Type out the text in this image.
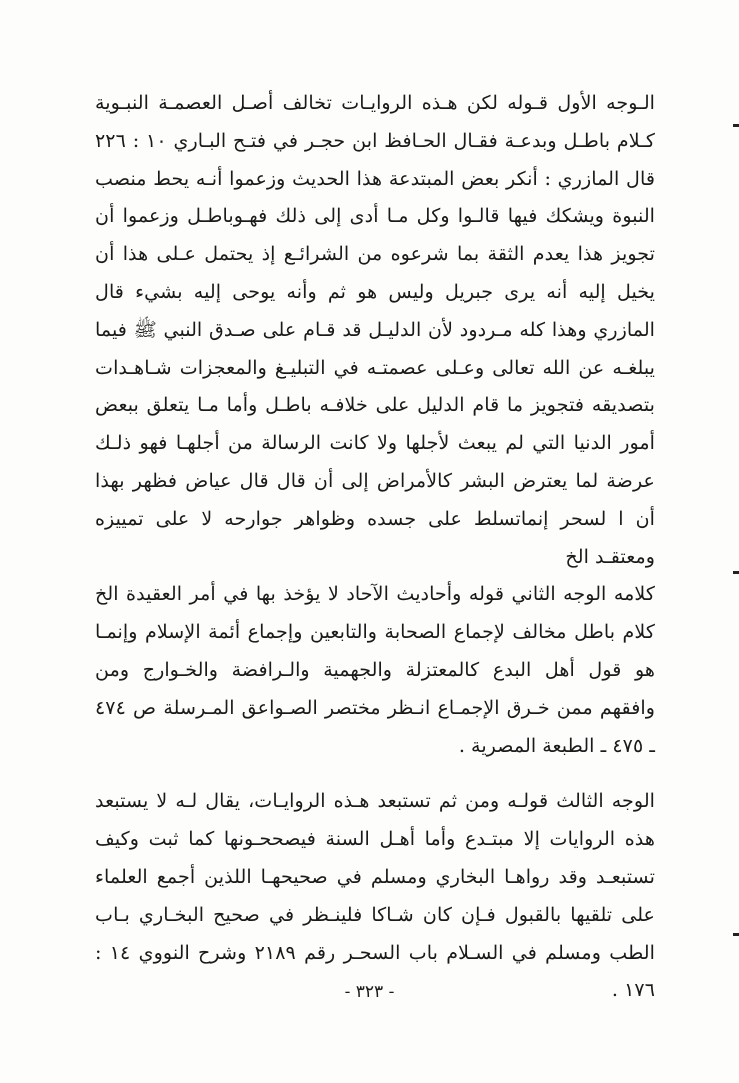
الـوجه الأول قـوله لكن هـذه الروايـات تخالف أصـل العصمـة النبـوية كـلام باطـل وبدعـة فقـال الحـافظ ابن حجـر في فتـح البـاري ١٠ : ٢٢٦ قال المازري : أنكر بعض المبتدعة هذا الحديث وزعموا أنـه يحط منصب النبوة ويشكك فيها قالـوا وكل مـا أدى إلى ذلك فهـوباطـل وزعموا أن تجويز هذا يعدم الثقة بما شرعوه من الشرائـع إذ يحتمل عـلى هذا أن يخيل إليه أنه يرى جبريل وليس هو ثم وأنه يوحى إليه بشيء قال المازري وهذا كله مـردود لأن الدليـل قد قـام على صـدق النبي ﷺ فيما يبلغـه عن الله تعالى وعـلى عصمتـه في التبليـغ والمعجزات شـاهـدات بتصديقه فتجويز ما قام الدليل على خلافـه باطـل وأما مـا يتعلق ببعض أمور الدنيا التي لم يبعث لأجلها ولا كانت الرسالة من أجلهـا فهو ذلـك عرضة لما يعترض البشر كالأمراض إلى أن قال قال عياض فظهر بهذا أن ا لسحر إنماتسلط على جسده وظواهر جوارحه لا على تمييزه ومعتقـد الخ

كلامه الوجه الثاني قوله وأحاديث الآحاد لا يؤخذ بها في أمر العقيدة الخ كلام باطل مخالف لإجماع الصحابة والتابعين وإجماع أئمة الإسلام وإنمـا هو قول أهل البدع كالمعتزلة والجهمية والـرافضة والخـوارج ومن وافقهم ممن خـرق الإجمـاع انـظر مختصر الصـواعق المـرسلة ص ٤٧٤ ـ ٤٧٥ ـ الطبعة المصرية .

الوجه الثالث قولـه ومن ثم تستبعد هـذه الروايـات، يقال لـه لا يستبعد هذه الروايات إلا مبتـدع وأما أهـل السنة فيصححـونها كما ثبت وكيف تستبعـد وقد رواهـا البخاري ومسلم في صحيحهـا اللذين أجمع العلماء على تلقيها بالقبول فـإن كان شـاكا فلينـظر في صحيح البخـاري بـاب الطب ومسلم في السـلام باب السحـر رقم ٢١٨٩ وشرح النووي ١٤ : ١٧٦ .

- ٣٢٣ -
